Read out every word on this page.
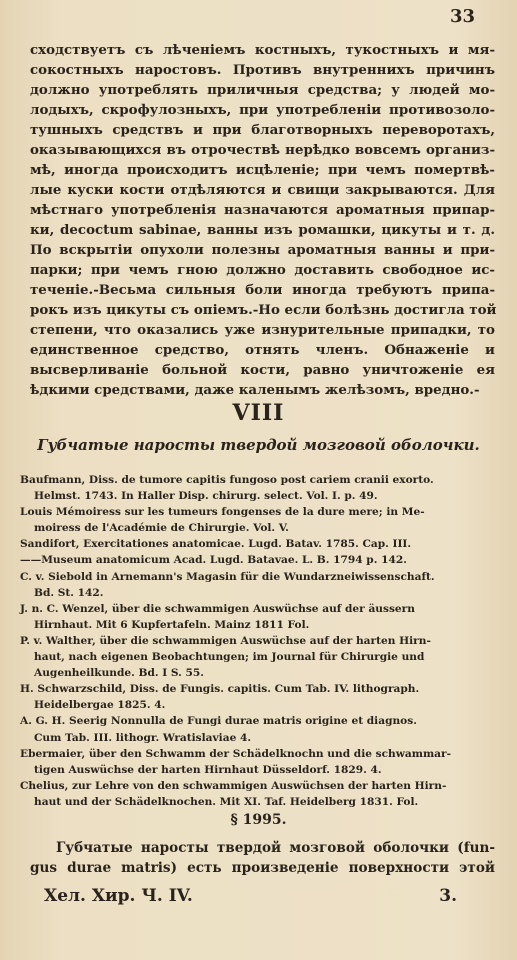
33
сходствуетъ съ лѣченiемъ костныхъ, тукостныхъ и мя-
сокостныхъ наростовъ. Противъ внутреннихъ причинъ
должно употреблять приличныя средства; у людей мо-
лодыхъ, скрофулозныхъ, при употребленiи противозоло-
тушныхъ средствъ и при благотворныхъ переворотахъ,
оказывающихся въ отрочествѣ нерѣдко вовсемъ организ-
мѣ, иногда происходитъ исцѣленiе; при чемъ помертвѣ-
лые куски кости отдѣляются и свищи закрываются. Для
мѣстнаго употребленiя назначаются ароматныя припар-
ки, decoctum sabinae, ванны изъ ромашки, цикуты и т. д.
По вскрытiи опухоли полезны ароматныя ванны и при-
парки; при чемъ гною должно доставить свободное ис-
теченiе.-Весьма сильныя боли иногда требуютъ припа-
рокъ изъ цикуты съ опiемъ.-Но если болѣзнь достигла той
степени, что оказались уже изнурительные припадки, то
единственное средство, отнять членъ. Обнаженiе и
высверливанiе больной кости, равно уничтоженiе ея
ѣдкими средствами, даже каленымъ желѣзомъ, вредно.-
VIII
Губчатые наросты твердой мозговой оболочки.
Baufmann, Diss. de tumore capitis fungoso post cariem cranii exorto.
Helmst. 1743. In Haller Disp. chirurg. select. Vol. I. p. 49.
Louis Mémoiress sur les tumeurs fongenses de la dure mere; in Me-
moiress de l'Académie de Chirurgie. Vol. V.
Sandifort, Exercitationes anatomicae. Lugd. Batav. 1785. Cap. III.
——Museum anatomicum Acad. Lugd. Batavae. L. B. 1794 p. 142.
C. v. Siebold in Arnemann's Magasin für die Wundarzneiwissenschaft.
Bd. St. 142.
J. n. C. Wenzel, über die schwammigen Auswüchse auf der äussern
Hirnhaut. Mit 6 Kupfertafeln. Mainz 1811 Fol.
P. v. Walther, über die schwammigen Auswüchse auf der harten Hirn-
haut, nach eigenen Beobachtungen; im Journal für Chirurgie und
Augenheilkunde. Bd. I S. 55.
H. Schwarzschild, Diss. de Fungis. capitis. Cum Tab. IV. lithograph.
Heidelbergae 1825. 4.
A. G. H. Seerig Nonnulla de Fungi durae matris origine et diagnos.
Cum Tab. III. lithogr. Wratislaviae 4.
Ebermaier, über den Schwamm der Schädelknochn und die schwammar-
tigen Auswüchse der harten Hirnhaut Düsseldorf. 1829. 4.
Chelius, zur Lehre von den schwammigen Auswüchsen der harten Hirn-
haut und der Schädelknochen. Mit XI. Taf. Heidelberg 1831. Fol.
§ 1995.
Губчатые наросты твердой мозговой оболочки (fun-
gus durae matris) есть произведенiе поверхности этой
Хел. Хир. Ч. IV.	3.
